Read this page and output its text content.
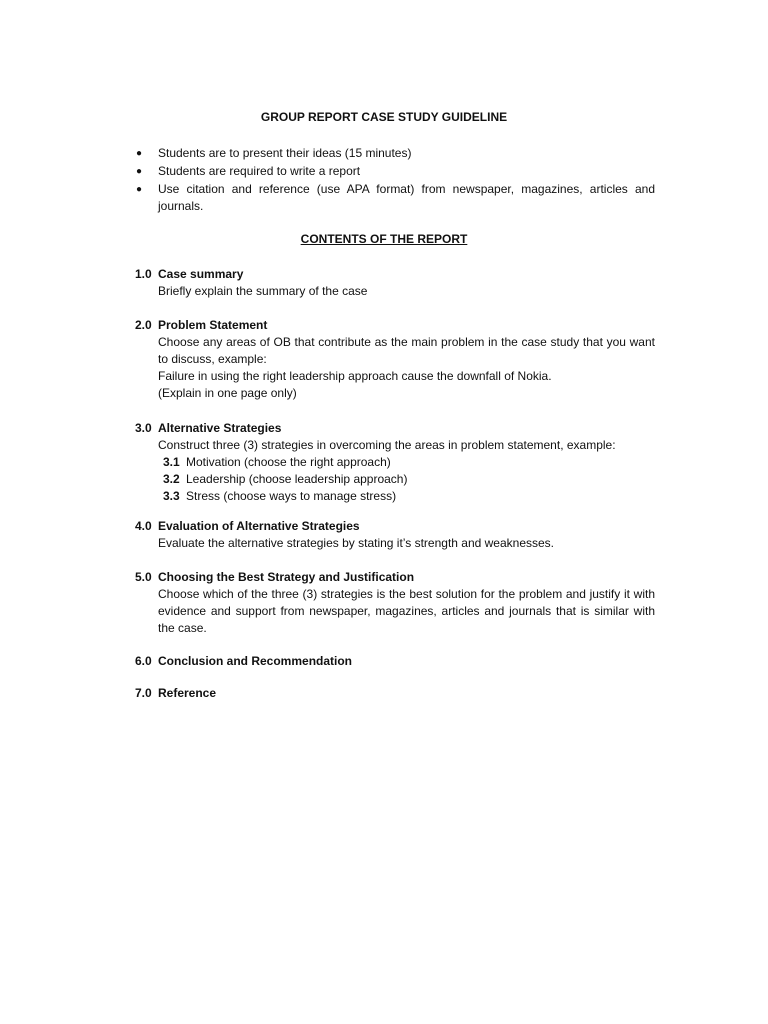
GROUP REPORT CASE STUDY GUIDELINE
● Students are to present their ideas (15 minutes)
● Students are required to write a report
● Use citation and reference (use APA format) from newspaper, magazines, articles and journals.
CONTENTS OF THE REPORT
1.0 Case summary
Briefly explain the summary of the case
2.0 Problem Statement
Choose any areas of OB that contribute as the main problem in the case study that you want to discuss, example:
Failure in using the right leadership approach cause the downfall of Nokia.
(Explain in one page only)
3.0 Alternative Strategies
Construct three (3) strategies in overcoming the areas in problem statement, example:
3.1 Motivation (choose the right approach)
3.2 Leadership (choose leadership approach)
3.3 Stress (choose ways to manage stress)
4.0 Evaluation of Alternative Strategies
Evaluate the alternative strategies by stating it’s strength and weaknesses.
5.0 Choosing the Best Strategy and Justification
Choose which of the three (3) strategies is the best solution for the problem and justify it with evidence and support from newspaper, magazines, articles and journals that is similar with the case.
6.0 Conclusion and Recommendation
7.0 Reference
